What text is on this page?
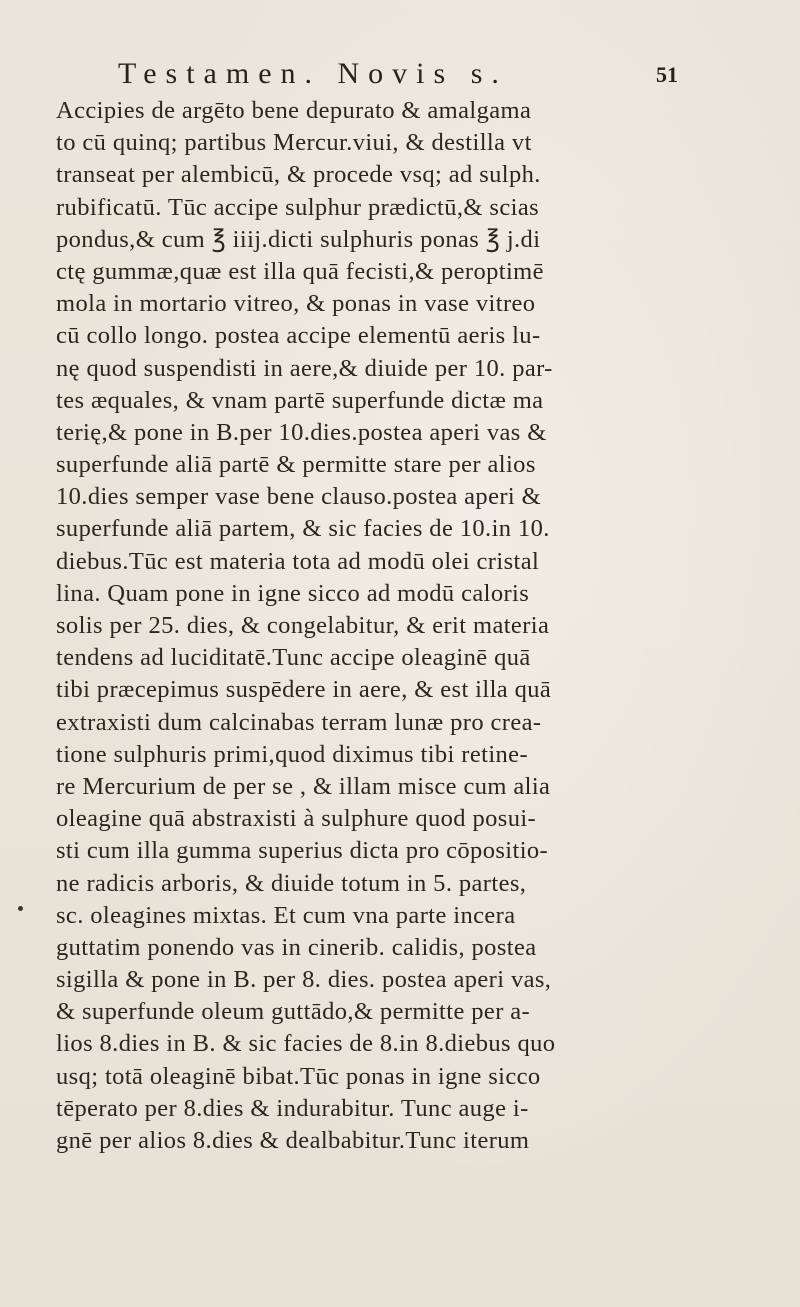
Testamen. Novis s.	51
Accipies de argēto bene depurato & amalgama
to cū quinq; partibus Mercur.viui, & destilla vt
transeat per alembicū, & procede vsq; ad sulph.
rubificatū. Tūc accipe sulphur prædictū,& scias
pondus,& cum ℥ iiij.dicti sulphuris ponas ℥ j.di
ctę gummæ,quæ est illa quā fecisti,& peroptimē
mola in mortario vitreo, & ponas in vase vitreo
cū collo longo. postea accipe elementū aeris lu-
nę quod suspendisti in aere,& diuide per 10. par-
tes æquales, & vnam partē superfunde dictæ ma
terię,& pone in B.per 10.dies.postea aperi vas &
superfunde aliā partē & permitte stare per alios
10.dies semper vase bene clauso.postea aperi &
superfunde aliā partem, & sic facies de 10.in 10.
diebus.Tūc est materia tota ad modū olei cristal
lina. Quam pone in igne sicco ad modū caloris
solis per 25. dies, & congelabitur, & erit materia
tendens ad luciditatē.Tunc accipe oleaginē quā
tibi præcepimus suspēdere in aere, & est illa quā
extraxisti dum calcinabas terram lunæ pro crea-
tione sulphuris primi,quod diximus tibi retine-
re Mercurium de per se , & illam misce cum alia
oleagine quā abstraxisti à sulphure quod posui-
sti cum illa gumma superius dicta pro cōpositio-
ne radicis arboris, & diuide totum in 5. partes,
sc. oleagines mixtas. Et cum vna parte incera
guttatim ponendo vas in cinerib. calidis, postea
sigilla & pone in B. per 8. dies. postea aperi vas,
& superfunde oleum guttādo,& permitte per a-
lios 8.dies in B. & sic facies de 8.in 8.diebus quo
usq; totā oleaginē bibat.Tūc ponas in igne sicco
tēperato per 8.dies & indurabitur. Tunc auge i-
gnē per alios 8.dies & dealbabitur.Tunc iterum
